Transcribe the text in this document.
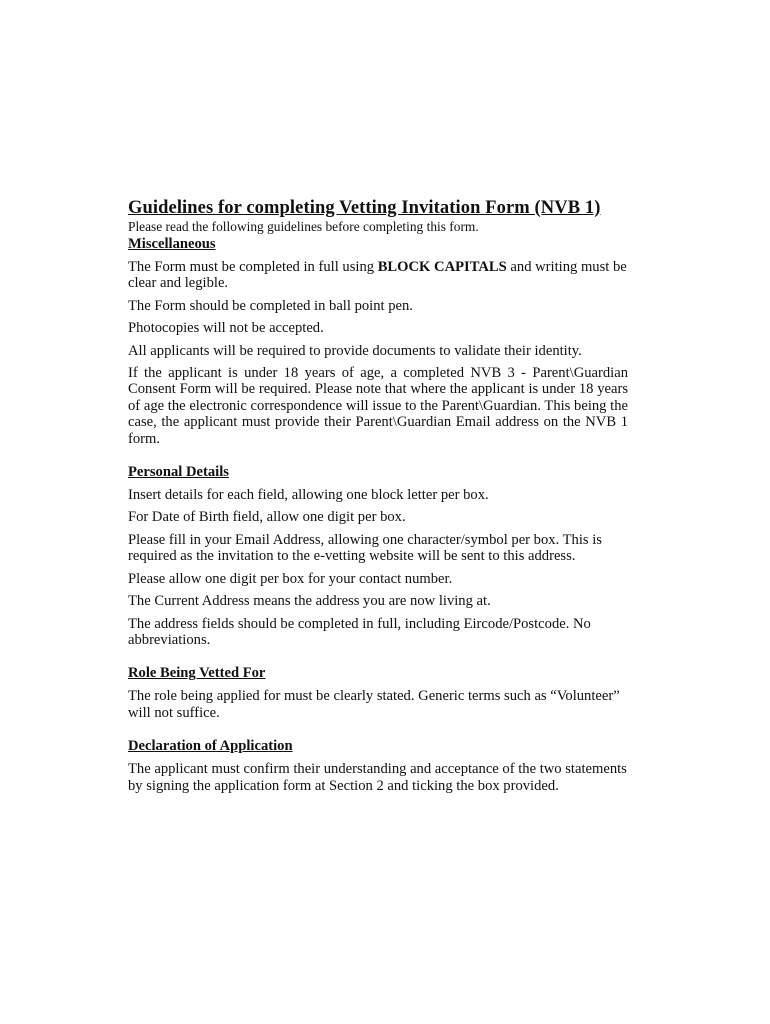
Guidelines for completing Vetting Invitation Form (NVB 1)

Please read the following guidelines before completing this form.

Miscellaneous

The Form must be completed in full using BLOCK CAPITALS and writing must be clear and legible.

The Form should be completed in ball point pen.

Photocopies will not be accepted.

All applicants will be required to provide documents to validate their identity.

If the applicant is under 18 years of age, a completed NVB 3 - Parent\Guardian Consent Form will be required. Please note that where the applicant is under 18 years of age the electronic correspondence will issue to the Parent\Guardian. This being the case, the applicant must provide their Parent\Guardian Email address on the NVB 1 form.

Personal Details

Insert details for each field, allowing one block letter per box.

For Date of Birth field, allow one digit per box.

Please fill in your Email Address, allowing one character/symbol per box. This is required as the invitation to the e-vetting website will be sent to this address.

Please allow one digit per box for your contact number.

The Current Address means the address you are now living at.

The address fields should be completed in full, including Eircode/Postcode. No abbreviations.

Role Being Vetted For

The role being applied for must be clearly stated. Generic terms such as “Volunteer” will not suffice.

Declaration of Application

The applicant must confirm their understanding and acceptance of the two statements by signing the application form at Section 2 and ticking the box provided.
